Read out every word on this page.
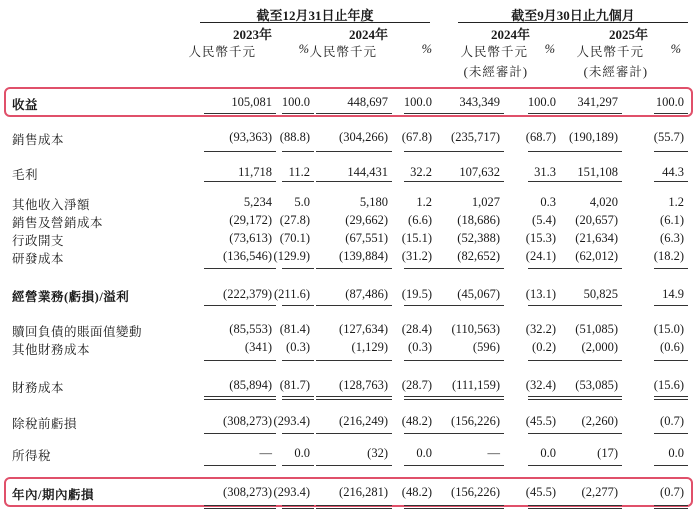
截至12月31日止年度	截至9月30日止九個月
2023年	2024年	2024年	2025年
人民幣千元	% 人民幣千元	%	人民幣千元	%	人民幣千元	%
(未經審計)	(未經審計)
收益	105,081 100.0	448,697	100.0	343,349	100.0	341,297	100.0
銷售成本	(93,363) (88.8)	(304,266)	(67.8)	(235,717)	(68.7)	(190,189)	(55.7)
毛利	11,718	11.2	144,431	32.2	107,632	31.3	151,108	44.3
其他收入淨額	5,234	5.0	5,180	1.2	1,027	0.3	4,020	1.2
銷售及營銷成本	(29,172) (27.8)	(29,662)	(6.6)	(18,686)	(5.4)	(20,657)	(6.1)
行政開支	(73,613) (70.1)	(67,551)	(15.1)	(52,388)	(15.3)	(21,634)	(6.3)
研發成本	(136,546) (129.9)	(139,884)	(31.2)	(82,652)	(24.1)	(62,012)	(18.2)
經營業務(虧損)/溢利	(222,379) (211.6)	(87,486)	(19.5)	(45,067)	(13.1)	50,825	14.9
贖回負債的賬面值變動	(85,553) (81.4)	(127,634)	(28.4)	(110,563)	(32.2)	(51,085)	(15.0)
其他財務成本	(341)	(0.3)	(1,129)	(0.3)	(596)	(0.2)	(2,000)	(0.6)
財務成本	(85,894) (81.7)	(128,763)	(28.7)	(111,159)	(32.4)	(53,085)	(15.6)
除稅前虧損	(308,273) (293.4)	(216,249)	(48.2)	(156,226)	(45.5)	(2,260)	(0.7)
所得稅	—	0.0	(32)	0.0	—	0.0	(17)	0.0
年內/期內虧損	(308,273) (293.4)	(216,281)	(48.2)	(156,226)	(45.5)	(2,277)	(0.7)
